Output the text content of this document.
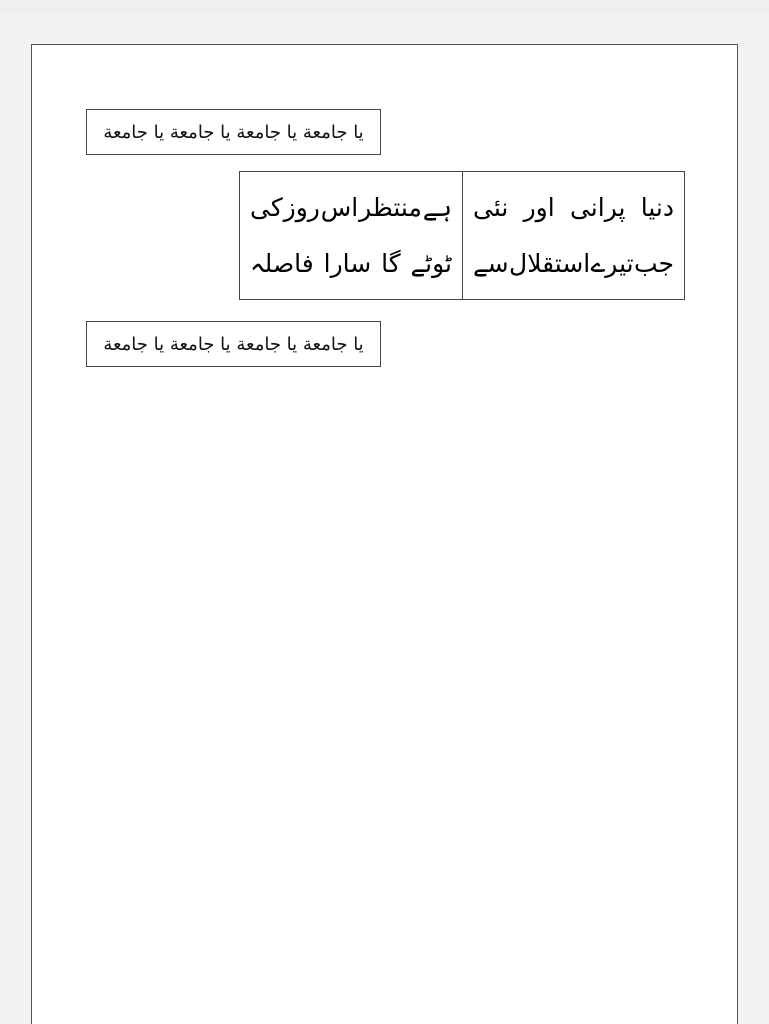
یا جامعة یا جامعة یا جامعة یا جامعة
دنیا
پرانی
اور
نئی
جب
تیرے
استقلال
سے
ہے
منتظر
اس
روز
کی
ٹوٹے
گا
سارا
فاصلہ
یا جامعة یا جامعة یا جامعة یا جامعة
